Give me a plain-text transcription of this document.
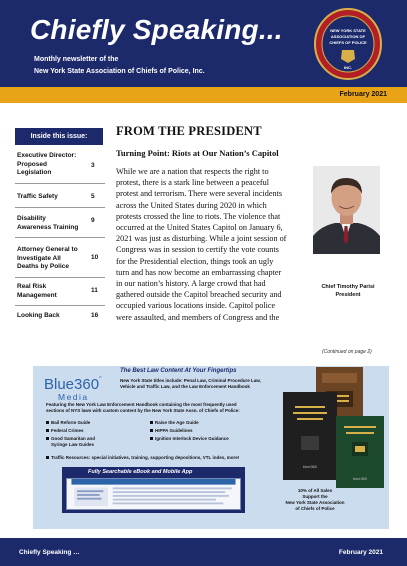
Chiefly Speaking...
Monthly newsletter of the
New York State Association of Chiefs of Police, Inc.
NEW YORK STATE
ASSOCIATION OF
CHIEFS OF POLICE
INC.
February 2021
Inside this issue:
Executive Director:
Proposed
Legislation
3
Traffic Safety	5
Disability
Awareness Training
9
Attorney General to
Investigate All
Deaths by Police
10
Real Risk
Management
11
Looking Back	16
FROM THE PRESIDENT
Turning Point: Riots at Our Nation’s Capitol
While we are a nation that respects the right to
protest, there is a stark line between a peaceful
protest and terrorism. There were several incidents
across the United States during 2020 in which
protests crossed the line to riots. The violence that
occurred at the United States Capitol on January 6,
2021 was just as disturbing. While a joint session of
Congress was in session to certify the vote counts
for the Presidential election, things took an ugly
turn and has now become an embarrassing chapter
in our nation’s history. A large crowd that had
gathered outside the Capitol breached security and
occupied various locations inside. Capitol police
were assaulted, and members of Congress and the
Chief Timothy Parisi
President
(Continued on page 2)
Blue360 °
Media
The Best Law Content At Your Fingertips
New York State titles include: Penal Law, Criminal Procedure Law,
Vehicle and Traffic Law, and the Law Enforcement Handbook
Featuring the New York Law Enforcement Handbook containing the most frequently used
sections of NYS laws with custom content by the New York State Assn. of Chiefs of Police:
Bail Reform Guide
Federal Crimes
Good Samaritan and
Syringe Law Guides
Traffic Resources: special initiatives, training, supporting depositions, VTL index, more!
Raise the Age Guide
HIPPA Guidelines
Ignition Interlock Device Guidance
Fully Searchable eBook and Mobile App
blue360
blue360
10% of All Sales
Support the
New York State Association
of Chiefs of Police
Chiefly Speaking …	February 2021
